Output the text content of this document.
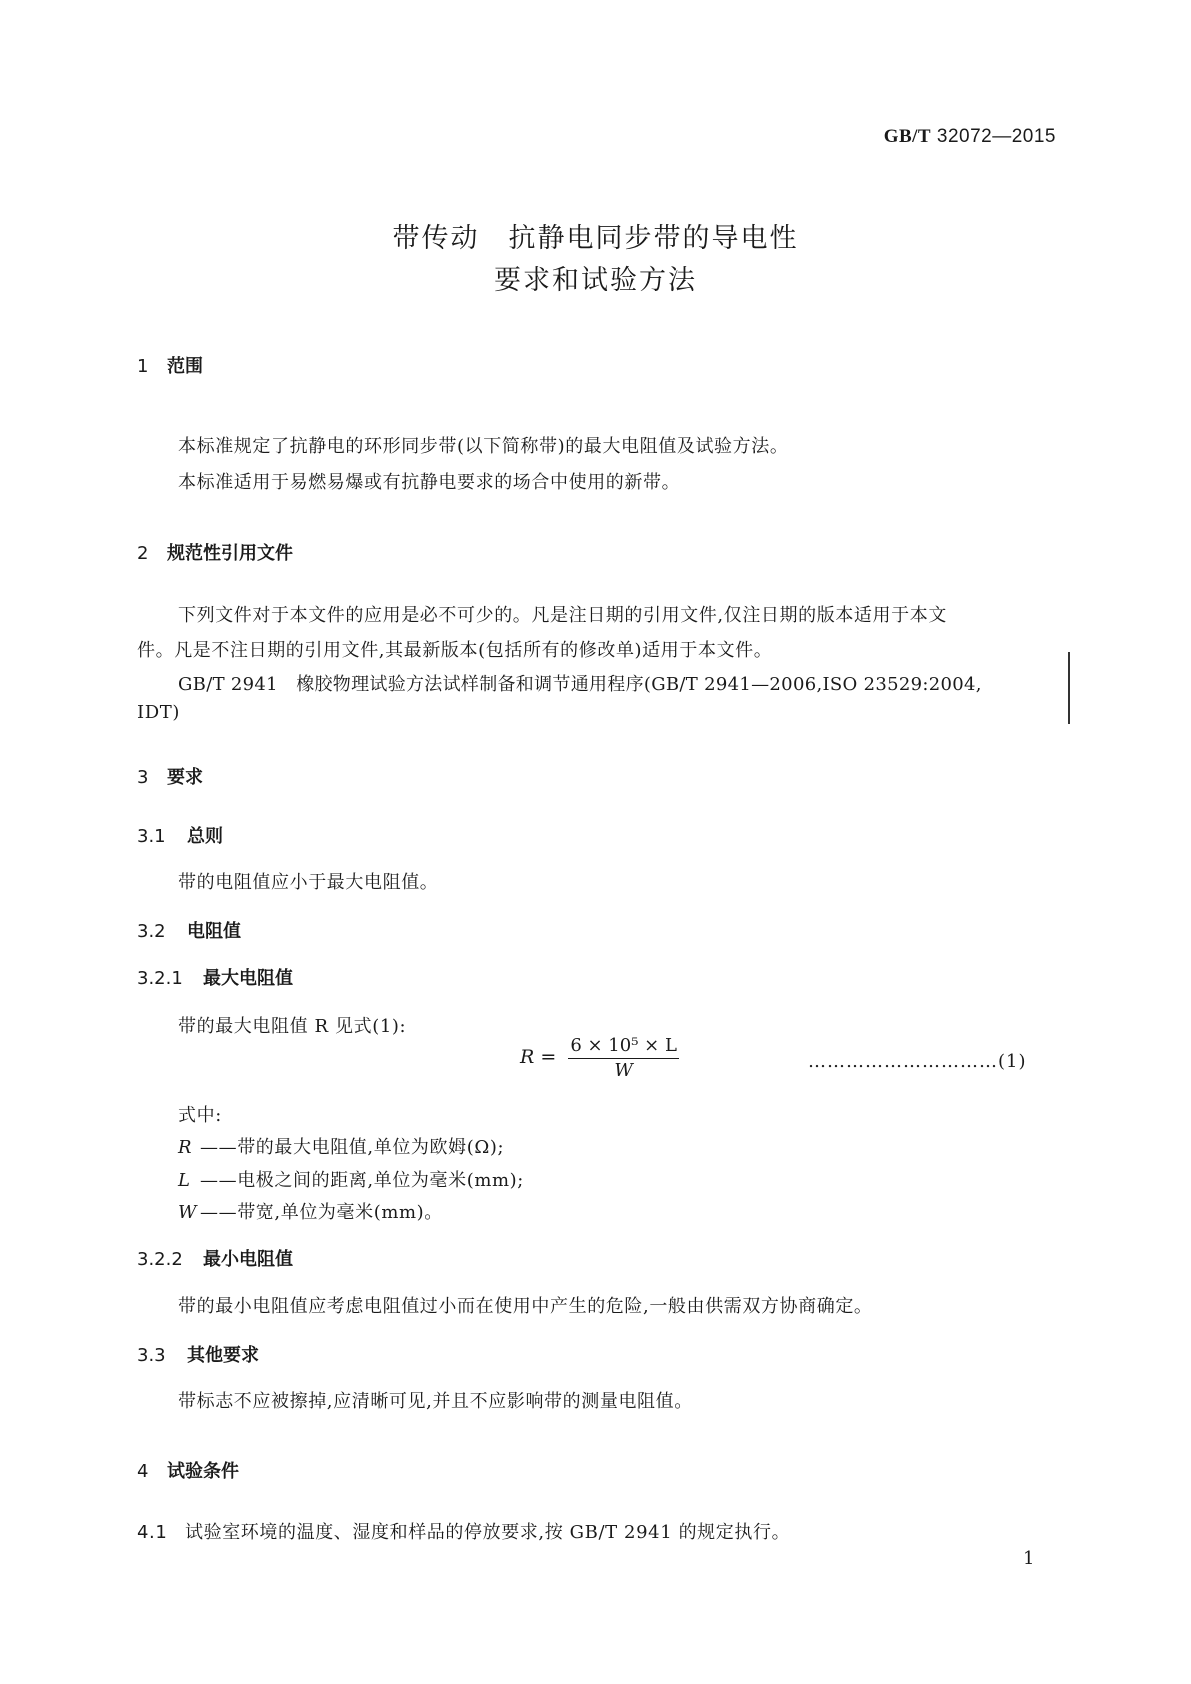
GB/T 32072—2015
带传动　抗静电同步带的导电性
要求和试验方法
1 范围
本标准规定了抗静电的环形同步带(以下简称带)的最大电阻值及试验方法。
本标准适用于易燃易爆或有抗静电要求的场合中使用的新带。
2 规范性引用文件
下列文件对于本文件的应用是必不可少的。凡是注日期的引用文件,仅注日期的版本适用于本文
件。凡是不注日期的引用文件,其最新版本(包括所有的修改单)适用于本文件。
GB/T 2941　橡胶物理试验方法试样制备和调节通用程序(GB/T 2941—2006,ISO 23529:2004,
IDT)
3 要求
3.1 总则
带的电阻值应小于最大电阻值。
3.2 电阻值
3.2.1 最大电阻值
带的最大电阻值 R 见式(1):
$R = \frac{\text{6 × 10⁵ × L}}{W}$	…………………………(1)
式中:
R ——带的最大电阻值,单位为欧姆(Ω);
L ——电极之间的距离,单位为毫米(mm);
W ——带宽,单位为毫米(mm)。
3.2.2 最小电阻值
带的最小电阻值应考虑电阻值过小而在使用中产生的危险,一般由供需双方协商确定。
3.3 其他要求
带标志不应被擦掉,应清晰可见,并且不应影响带的测量电阻值。
4 试验条件
4.1 试验室环境的温度、湿度和样品的停放要求,按 GB/T 2941 的规定执行。
1
